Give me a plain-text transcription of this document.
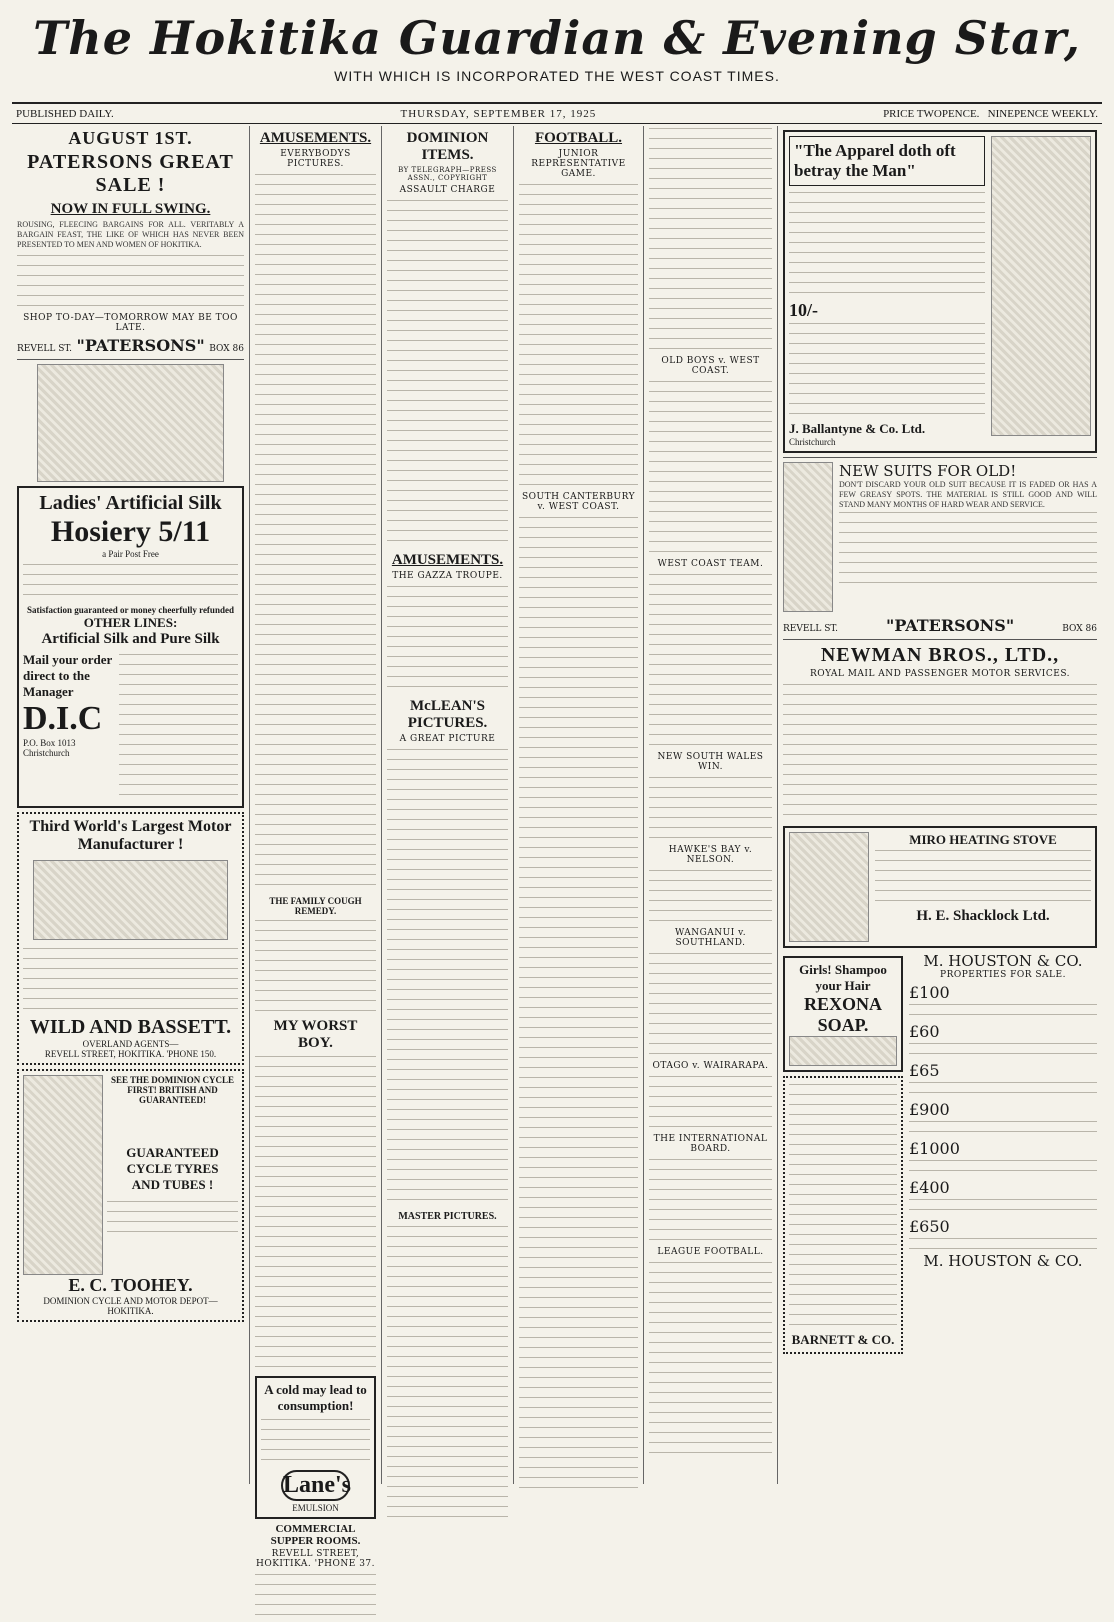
The Hokitika Guardian & Evening Star,
WITH WHICH IS INCORPORATED THE WEST COAST TIMES.
PUBLISHED DAILY.	THURSDAY, SEPTEMBER 17, 1925	PRICE TWOPENCE. NINEPENCE WEEKLY.
AUGUST 1ST.
PATERSONS GREAT SALE !
NOW IN FULL SWING.
ROUSING, FLEECING BARGAINS FOR ALL. VERITABLY A BARGAIN FEAST, THE LIKE OF WHICH HAS NEVER BEEN PRESENTED TO MEN AND WOMEN OF HOKITIKA.
SHOP TO-DAY—TOMORROW MAY BE TOO LATE.
REVELL ST. "PATERSONS" BOX 86
Ladies' Artificial Silk
Hosiery 5/11
a Pair Post Free
Satisfaction guaranteed or money cheerfully refunded
OTHER LINES:
Artificial Silk and Pure Silk
Mail your order direct to the Manager
D.I.C
P.O. Box 1013
Christchurch
Third World's Largest Motor
Manufacturer !
WILD AND BASSETT.
OVERLAND AGENTS—
REVELL STREET, HOKITIKA. 'PHONE 150.
SEE THE DOMINION CYCLE FIRST! BRITISH AND GUARANTEED!
GUARANTEED
CYCLE TYRES
AND TUBES !
E. C. TOOHEY.
DOMINION CYCLE AND MOTOR DEPOT—HOKITIKA.
AMUSEMENTS.
EVERYBODYS PICTURES.
THE FAMILY COUGH REMEDY.
MY WORST BOY.
A cold may lead to consumption!
Lane's
EMULSION
COMMERCIAL SUPPER ROOMS.
REVELL STREET, HOKITIKA. 'PHONE 37.
DOMINION ITEMS.
BY TELEGRAPH—PRESS ASSN., COPYRIGHT
ASSAULT CHARGE
AMUSEMENTS.
THE GAZZA TROUPE.
McLEAN'S PICTURES.
A GREAT PICTURE
MASTER PICTURES.
FOOTBALL.
JUNIOR REPRESENTATIVE GAME.
SOUTH CANTERBURY v. WEST COAST.
OLD BOYS v. WEST COAST.
WEST COAST TEAM.
NEW SOUTH WALES WIN.
HAWKE'S BAY v. NELSON.
WANGANUI v. SOUTHLAND.
OTAGO v. WAIRARAPA.
THE INTERNATIONAL BOARD.
LEAGUE FOOTBALL.
"The Apparel doth oft betray the Man"
10/-
J. Ballantyne & Co. Ltd.
Christchurch
NEW SUITS FOR OLD!
DON'T DISCARD YOUR OLD SUIT BECAUSE IT IS FADED OR HAS A FEW GREASY SPOTS. THE MATERIAL IS STILL GOOD AND WILL STAND MANY MONTHS OF HARD WEAR AND SERVICE.
REVELL ST.	"PATERSONS"	BOX 86
NEWMAN BROS., LTD.,
ROYAL MAIL AND PASSENGER MOTOR SERVICES.
MIRO HEATING STOVE
H. E. Shacklock Ltd.
Girls! Shampoo your Hair
REXONA SOAP.
BARNETT & CO.
M. HOUSTON & CO.
PROPERTIES FOR SALE.
£100
£60
£65
£900
£1000
£400
£650
M. HOUSTON & CO.
